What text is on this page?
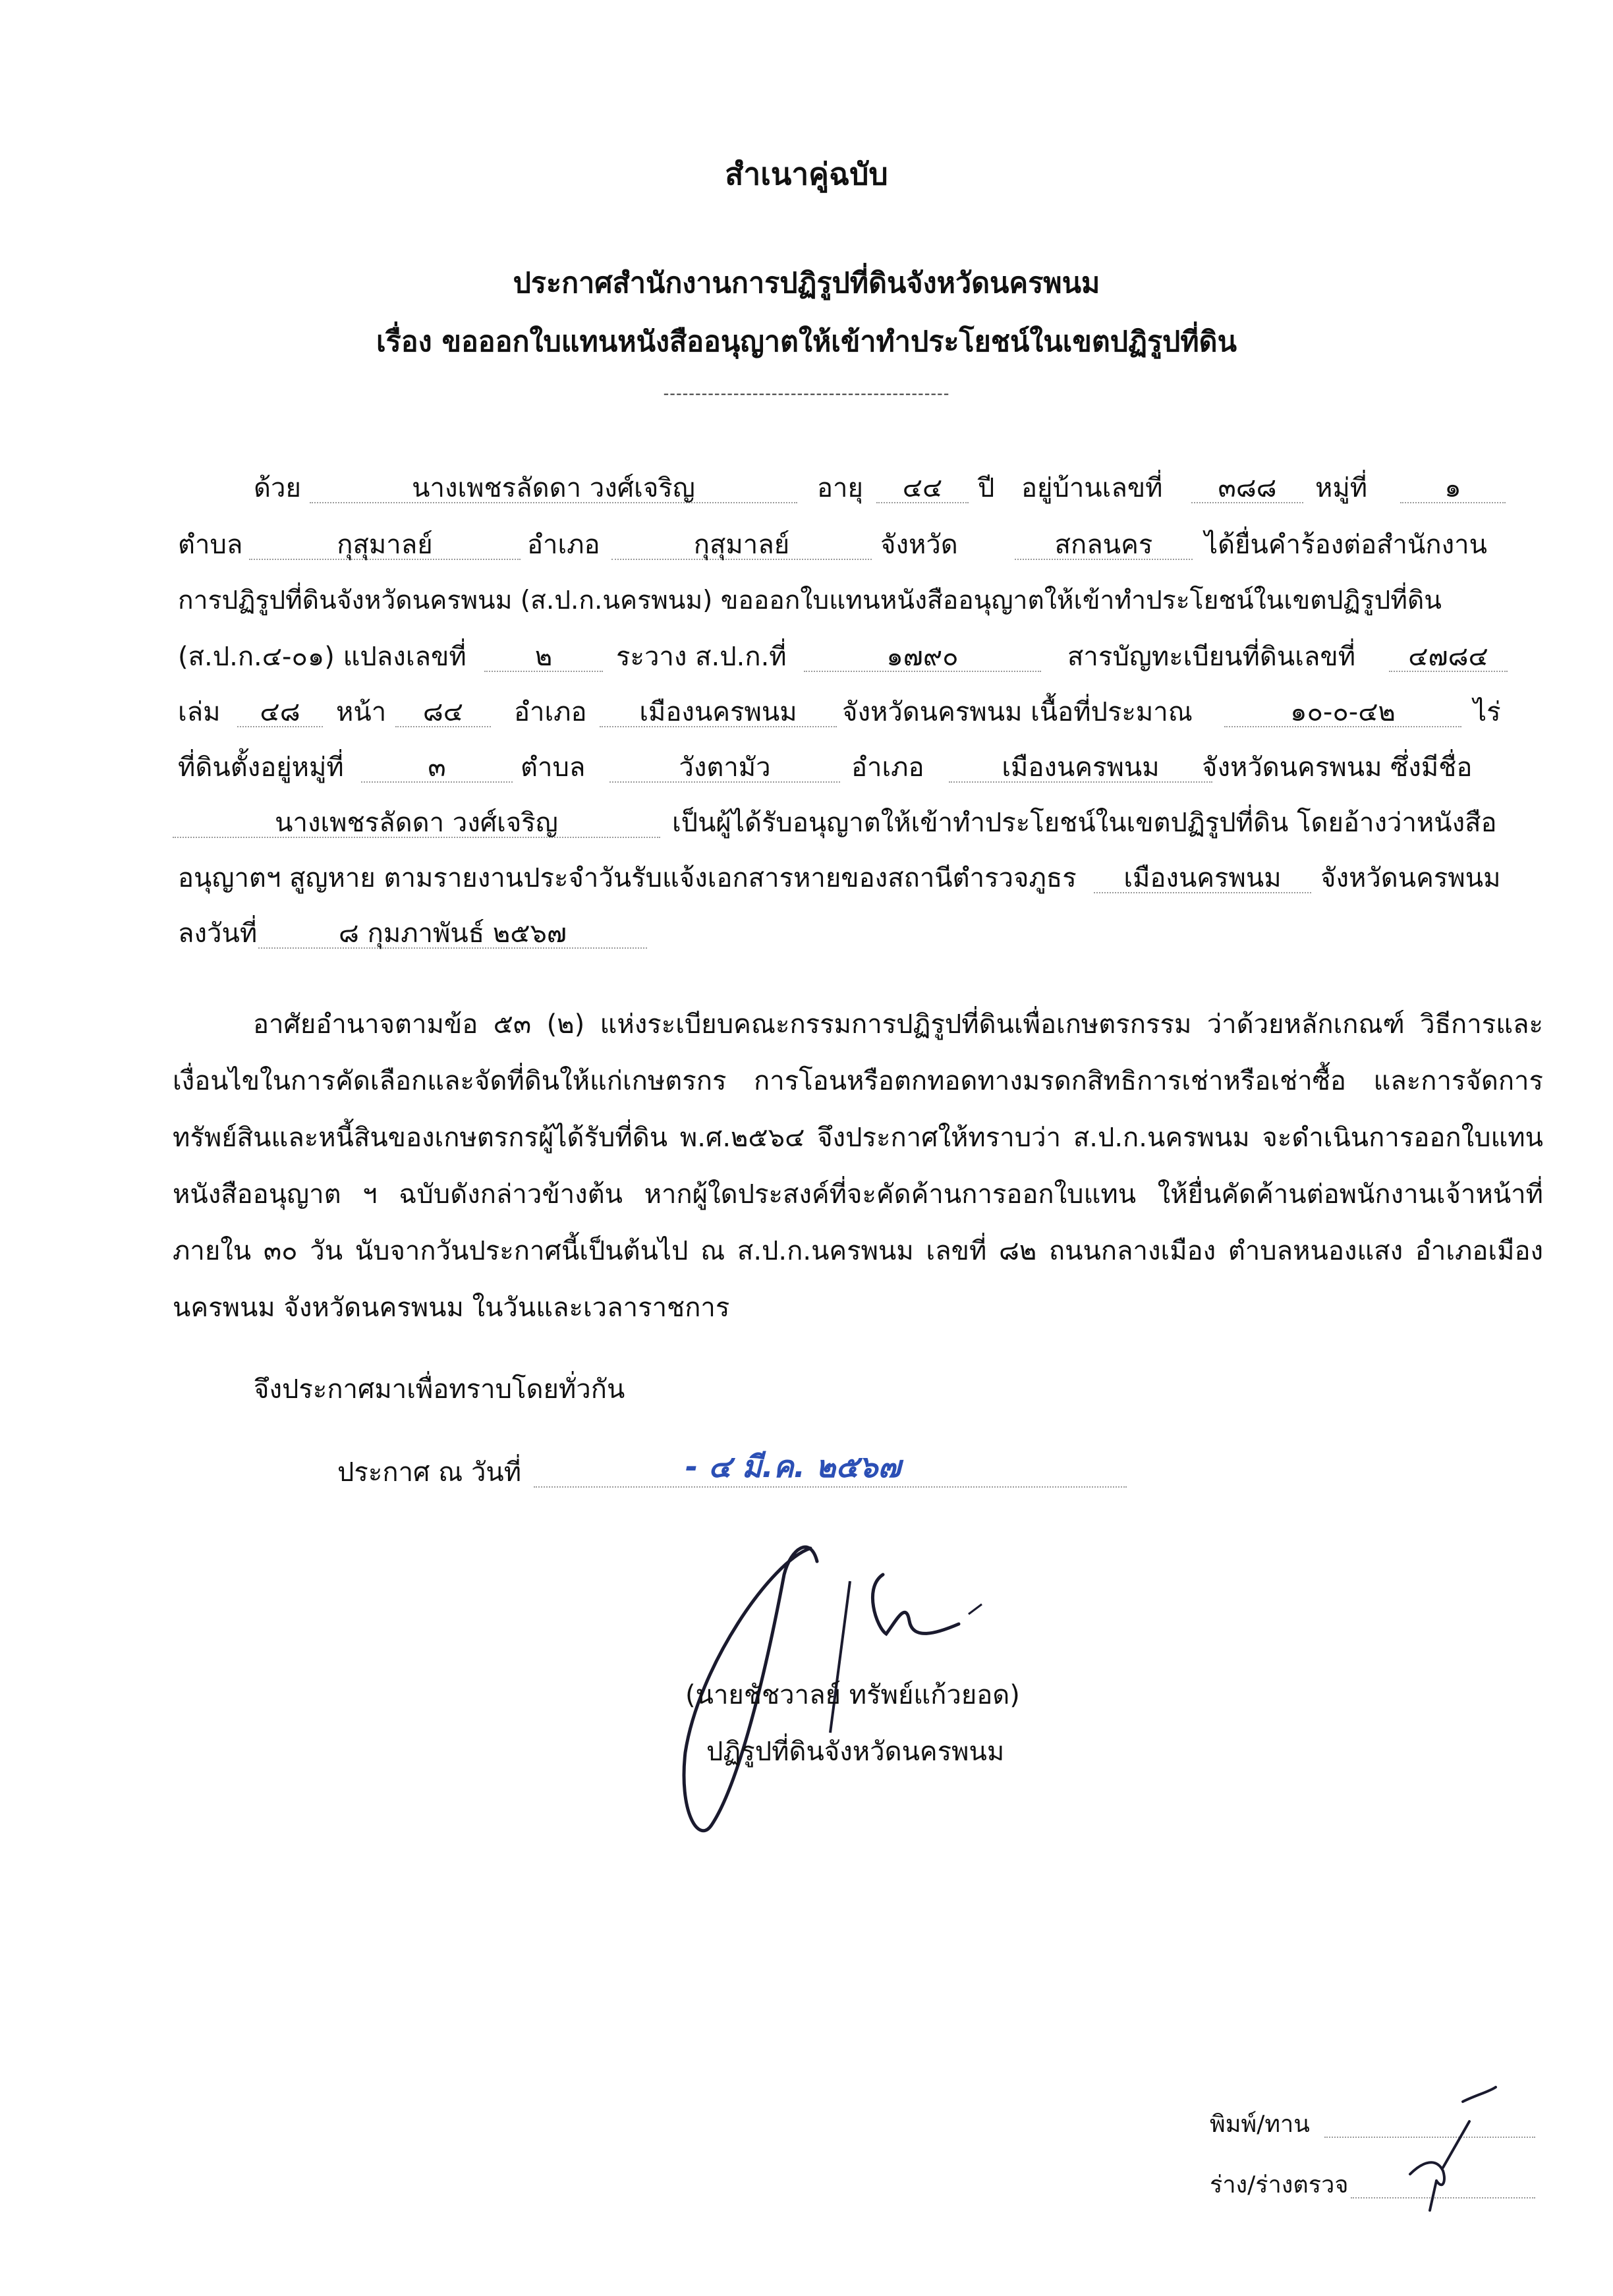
สำเนาคู่ฉบับ
ประกาศสำนักงานการปฏิรูปที่ดินจังหวัดนครพนม
เรื่อง ขอออกใบแทนหนังสืออนุญาตให้เข้าทำประโยชน์ในเขตปฏิรูปที่ดิน
---------------------------------------------
ด้วย	นางเพชรลัดดา วงศ์เจริญ	อายุ	๔๔	ปี อยู่บ้านเลขที่	๓๘๘	หมู่ที่	๑
ตำบล	กุสุมาลย์	อำเภอ	กุสุมาลย์	จังหวัด	สกลนคร	ได้ยื่นคำร้องต่อสำนักงาน
การปฏิรูปที่ดินจังหวัดนครพนม (ส.ป.ก.นครพนม) ขอออกใบแทนหนังสืออนุญาตให้เข้าทำประโยชน์ในเขตปฏิรูปที่ดิน
(ส.ป.ก.๔-๐๑) แปลงเลขที่	๒	ระวาง ส.ป.ก.ที่	๑๗๙๐	สารบัญทะเบียนที่ดินเลขที่	๔๗๘๔
เล่ม	๔๘	หน้า	๘๔	อำเภอ	เมืองนครพนม	จังหวัดนครพนม เนื้อที่ประมาณ	๑๐-๐-๔๒	ไร่
ที่ดินตั้งอยู่หมู่ที่	๓	ตำบล	วังตามัว	อำเภอ	เมืองนครพนม	จังหวัดนครพนม ซึ่งมีชื่อ
นางเพชรลัดดา วงศ์เจริญ	เป็นผู้ได้รับอนุญาตให้เข้าทำประโยชน์ในเขตปฏิรูปที่ดิน โดยอ้างว่าหนังสือ
อนุญาตฯ สูญหาย ตามรายงานประจำวันรับแจ้งเอกสารหายของสถานีตำรวจภูธร	เมืองนครพนม	จังหวัดนครพนม
ลงวันที่	๘ กุมภาพันธ์ ๒๕๖๗

อาศัยอำนาจตามข้อ ๕๓ (๒) แห่งระเบียบคณะกรรมการปฏิรูปที่ดินเพื่อเกษตรกรรม ว่าด้วยหลักเกณฑ์ วิธีการและเงื่อนไขในการคัดเลือกและจัดที่ดินให้แก่เกษตรกร การโอนหรือตกทอดทางมรดกสิทธิการเช่าหรือเช่าซื้อ และการจัดการทรัพย์สินและหนี้สินของเกษตรกรผู้ได้รับที่ดิน พ.ศ.๒๕๖๔ จึงประกาศให้ทราบว่า ส.ป.ก.นครพนม จะดำเนินการออกใบแทนหนังสืออนุญาต ฯ ฉบับดังกล่าวข้างต้น หากผู้ใดประสงค์ที่จะคัดค้านการออกใบแทน ให้ยื่นคัดค้านต่อพนักงานเจ้าหน้าที่ ภายใน ๓๐ วัน นับจากวันประกาศนี้เป็นต้นไป ณ ส.ป.ก.นครพนม เลขที่ ๘๒ ถนนกลางเมือง ตำบลหนองแสง อำเภอเมืองนครพนม จังหวัดนครพนม ในวันและเวลาราชการ

จึงประกาศมาเพื่อทราบโดยทั่วกัน
ประกาศ ณ วันที่	- ๔ มี.ค. ๒๕๖๗
(นายชัชวาลย์ ทรัพย์แก้วยอด)
ปฏิรูปที่ดินจังหวัดนครพนม
พิมพ์/ทาน
ร่าง/ร่างตรวจ
